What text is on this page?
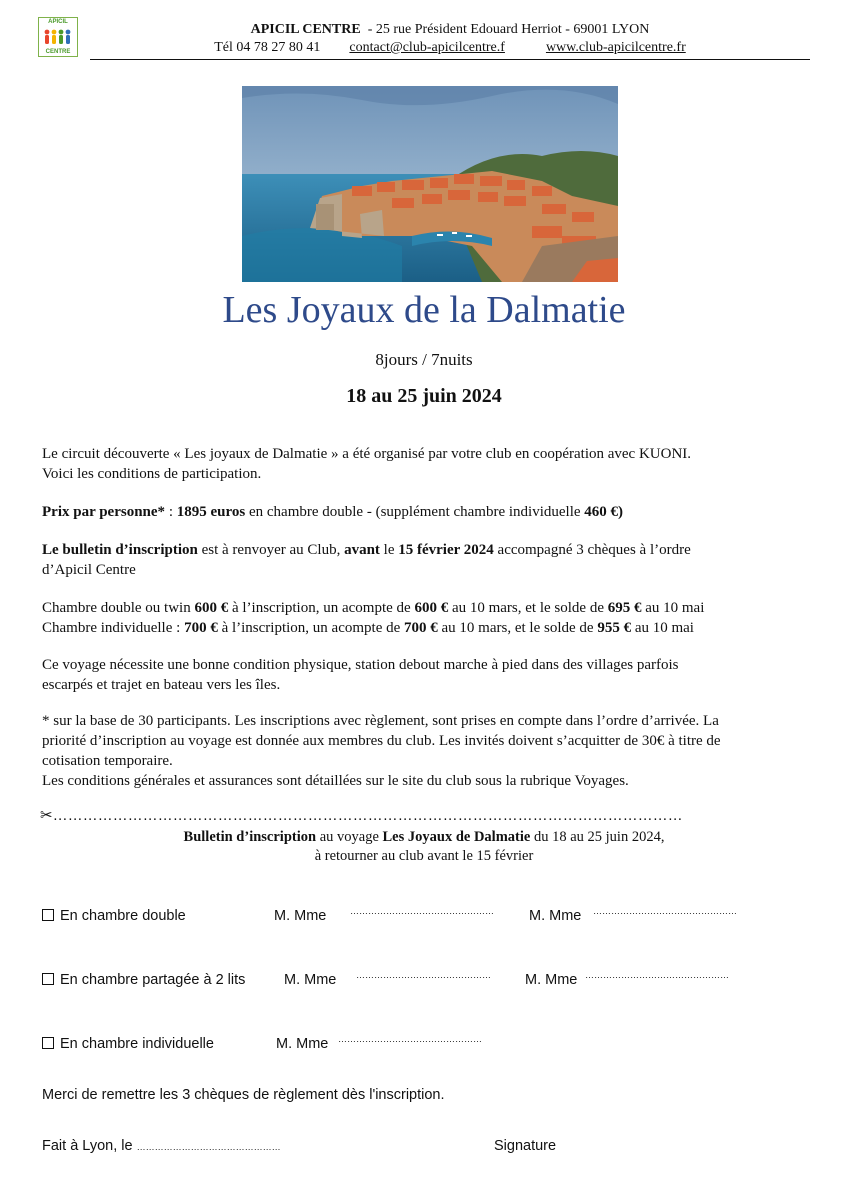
APICIL
CENTRE
APICIL CENTRE - 25 rue Président Edouard Herriot - 69001 LYON
Tél 04 78 27 80 41 contact@club-apicilcentre.f	www.club-apicilcentre.fr
Les Joyaux de la Dalmatie
8jours / 7nuits
18 au 25 juin 2024

Le circuit découverte « Les joyaux de Dalmatie » a été organisé par votre club en coopération avec KUONI.

Voici les conditions de participation.

Prix par personne* : 1895 euros en chambre double - (supplément chambre individuelle 460 €)

Le bulletin d’inscription est à renvoyer au Club, avant le 15 février 2024 accompagné 3 chèques à l’ordre

d’Apicil Centre

Chambre double ou twin 600 € à l’inscription, un acompte de 600 € au 10 mars, et le solde de 695 € au 10 mai

Chambre individuelle : 700 € à l’inscription, un acompte de 700 € au 10 mars, et le solde de 955 € au 10 mai

Ce voyage nécessite une bonne condition physique, station debout marche à pied dans des villages parfois

escarpés et trajet en bateau vers les îles.

* sur la base de 30 participants. Les inscriptions avec règlement, sont prises en compte dans l’ordre d’arrivée. La

priorité d’inscription au voyage est donnée aux membres du club. Les invités doivent s’acquitter de 30€ à titre de

cotisation temporaire.

Les conditions générales et assurances sont détaillées sur le site du club sous la rubrique Voyages.

✂………………………………………………………………………………………………………………
Bulletin d’inscription au voyage Les Joyaux de Dalmatie du 18 au 25 juin 2024,
à retourner au club avant le 15 février
En chambre double	M. Mme	………………………………………… M. Mme …………………………………………
En chambre partagée à 2 lits	M. Mme ……………………………………… M. Mme …………………………………………
En chambre individuelle	M. Mme …………………………………………
Merci de remettre les 3 chèques de règlement dès l'inscription.
Fait à Lyon, le …………………………………………	Signature
